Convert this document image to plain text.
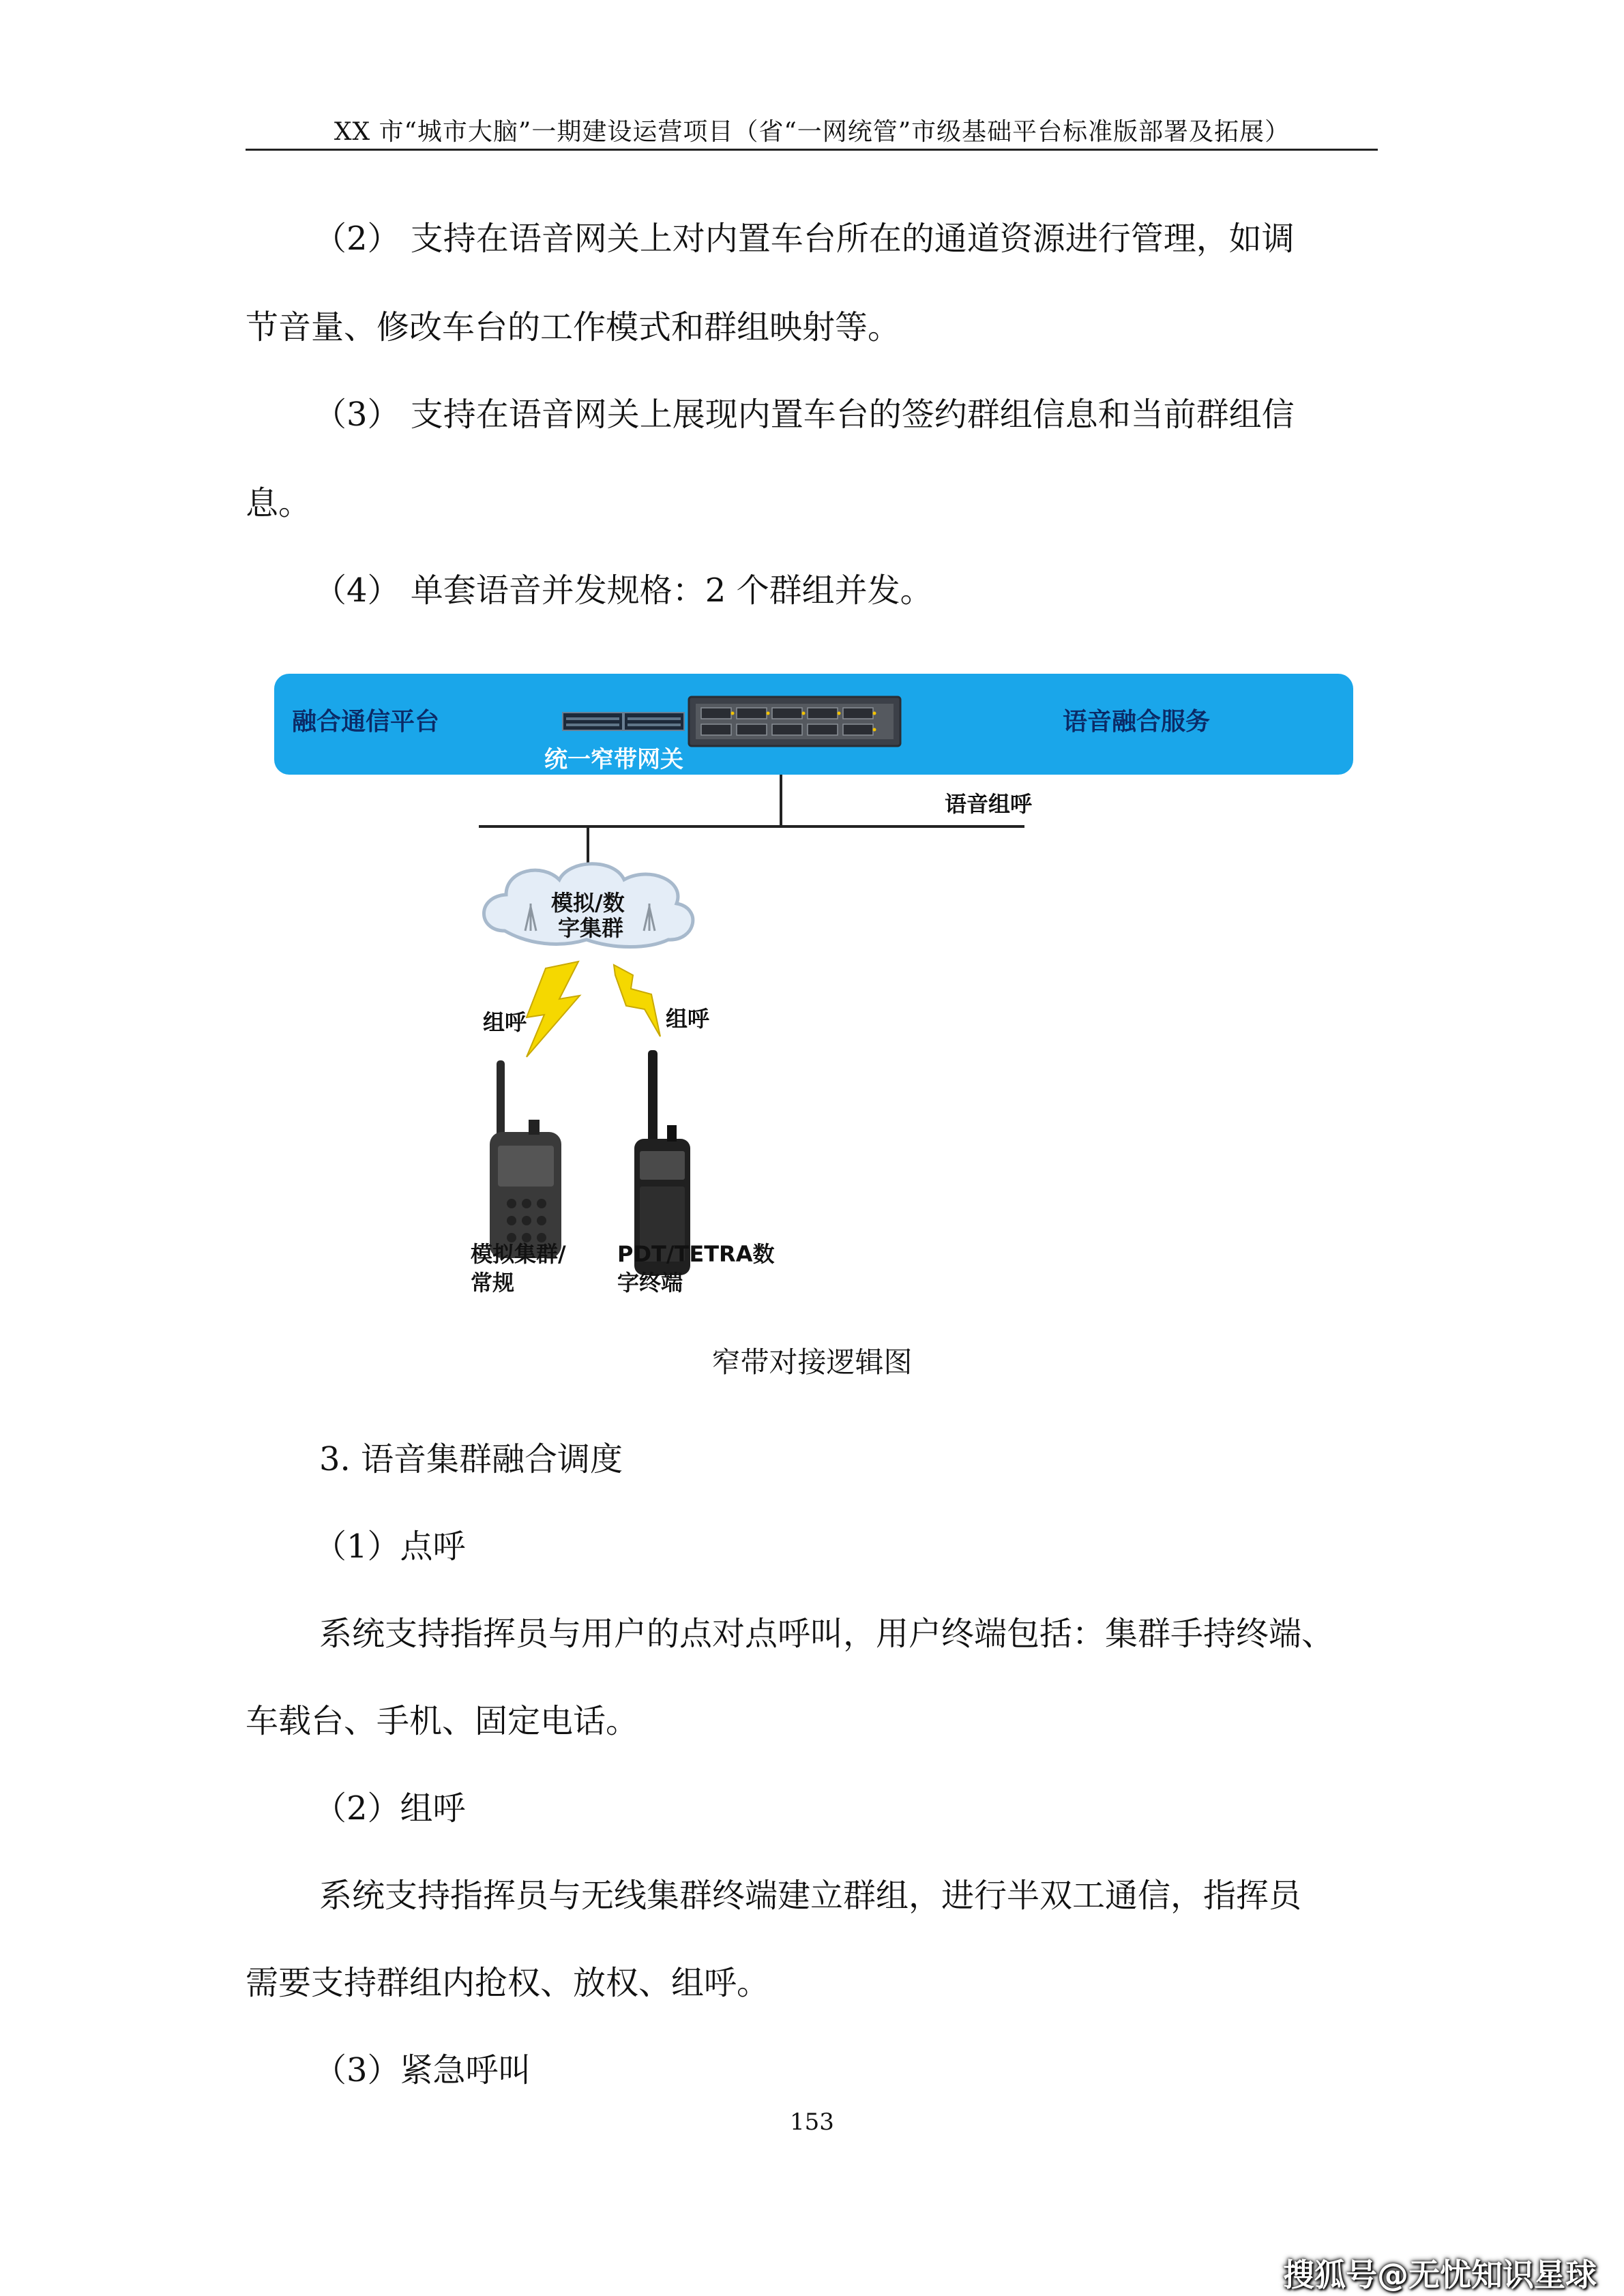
XX 市“城市大脑”一期建设运营项目（省“一网统管”市级基础平台标准版部署及拓展）
（2） 支持在语音网关上对内置车台所在的通道资源进行管理，如调
节音量、修改车台的工作模式和群组映射等。
（3） 支持在语音网关上展现内置车台的签约群组信息和当前群组信
息。
（4） 单套语音并发规格：2 个群组并发。
融合通信平台	语音融合服务
统一窄带网关
语音组呼
模拟/数
字集群
组呼	组呼
模拟集群/
常规
PDT/TETRA数
字终端
窄带对接逻辑图
3. 语音集群融合调度
（1）点呼
系统支持指挥员与用户的点对点呼叫，用户终端包括：集群手持终端、
车载台、手机、固定电话。
（2）组呼
系统支持指挥员与无线集群终端建立群组，进行半双工通信，指挥员
需要支持群组内抢权、放权、组呼。
（3）紧急呼叫
153
搜狐号@无忧知识星球
